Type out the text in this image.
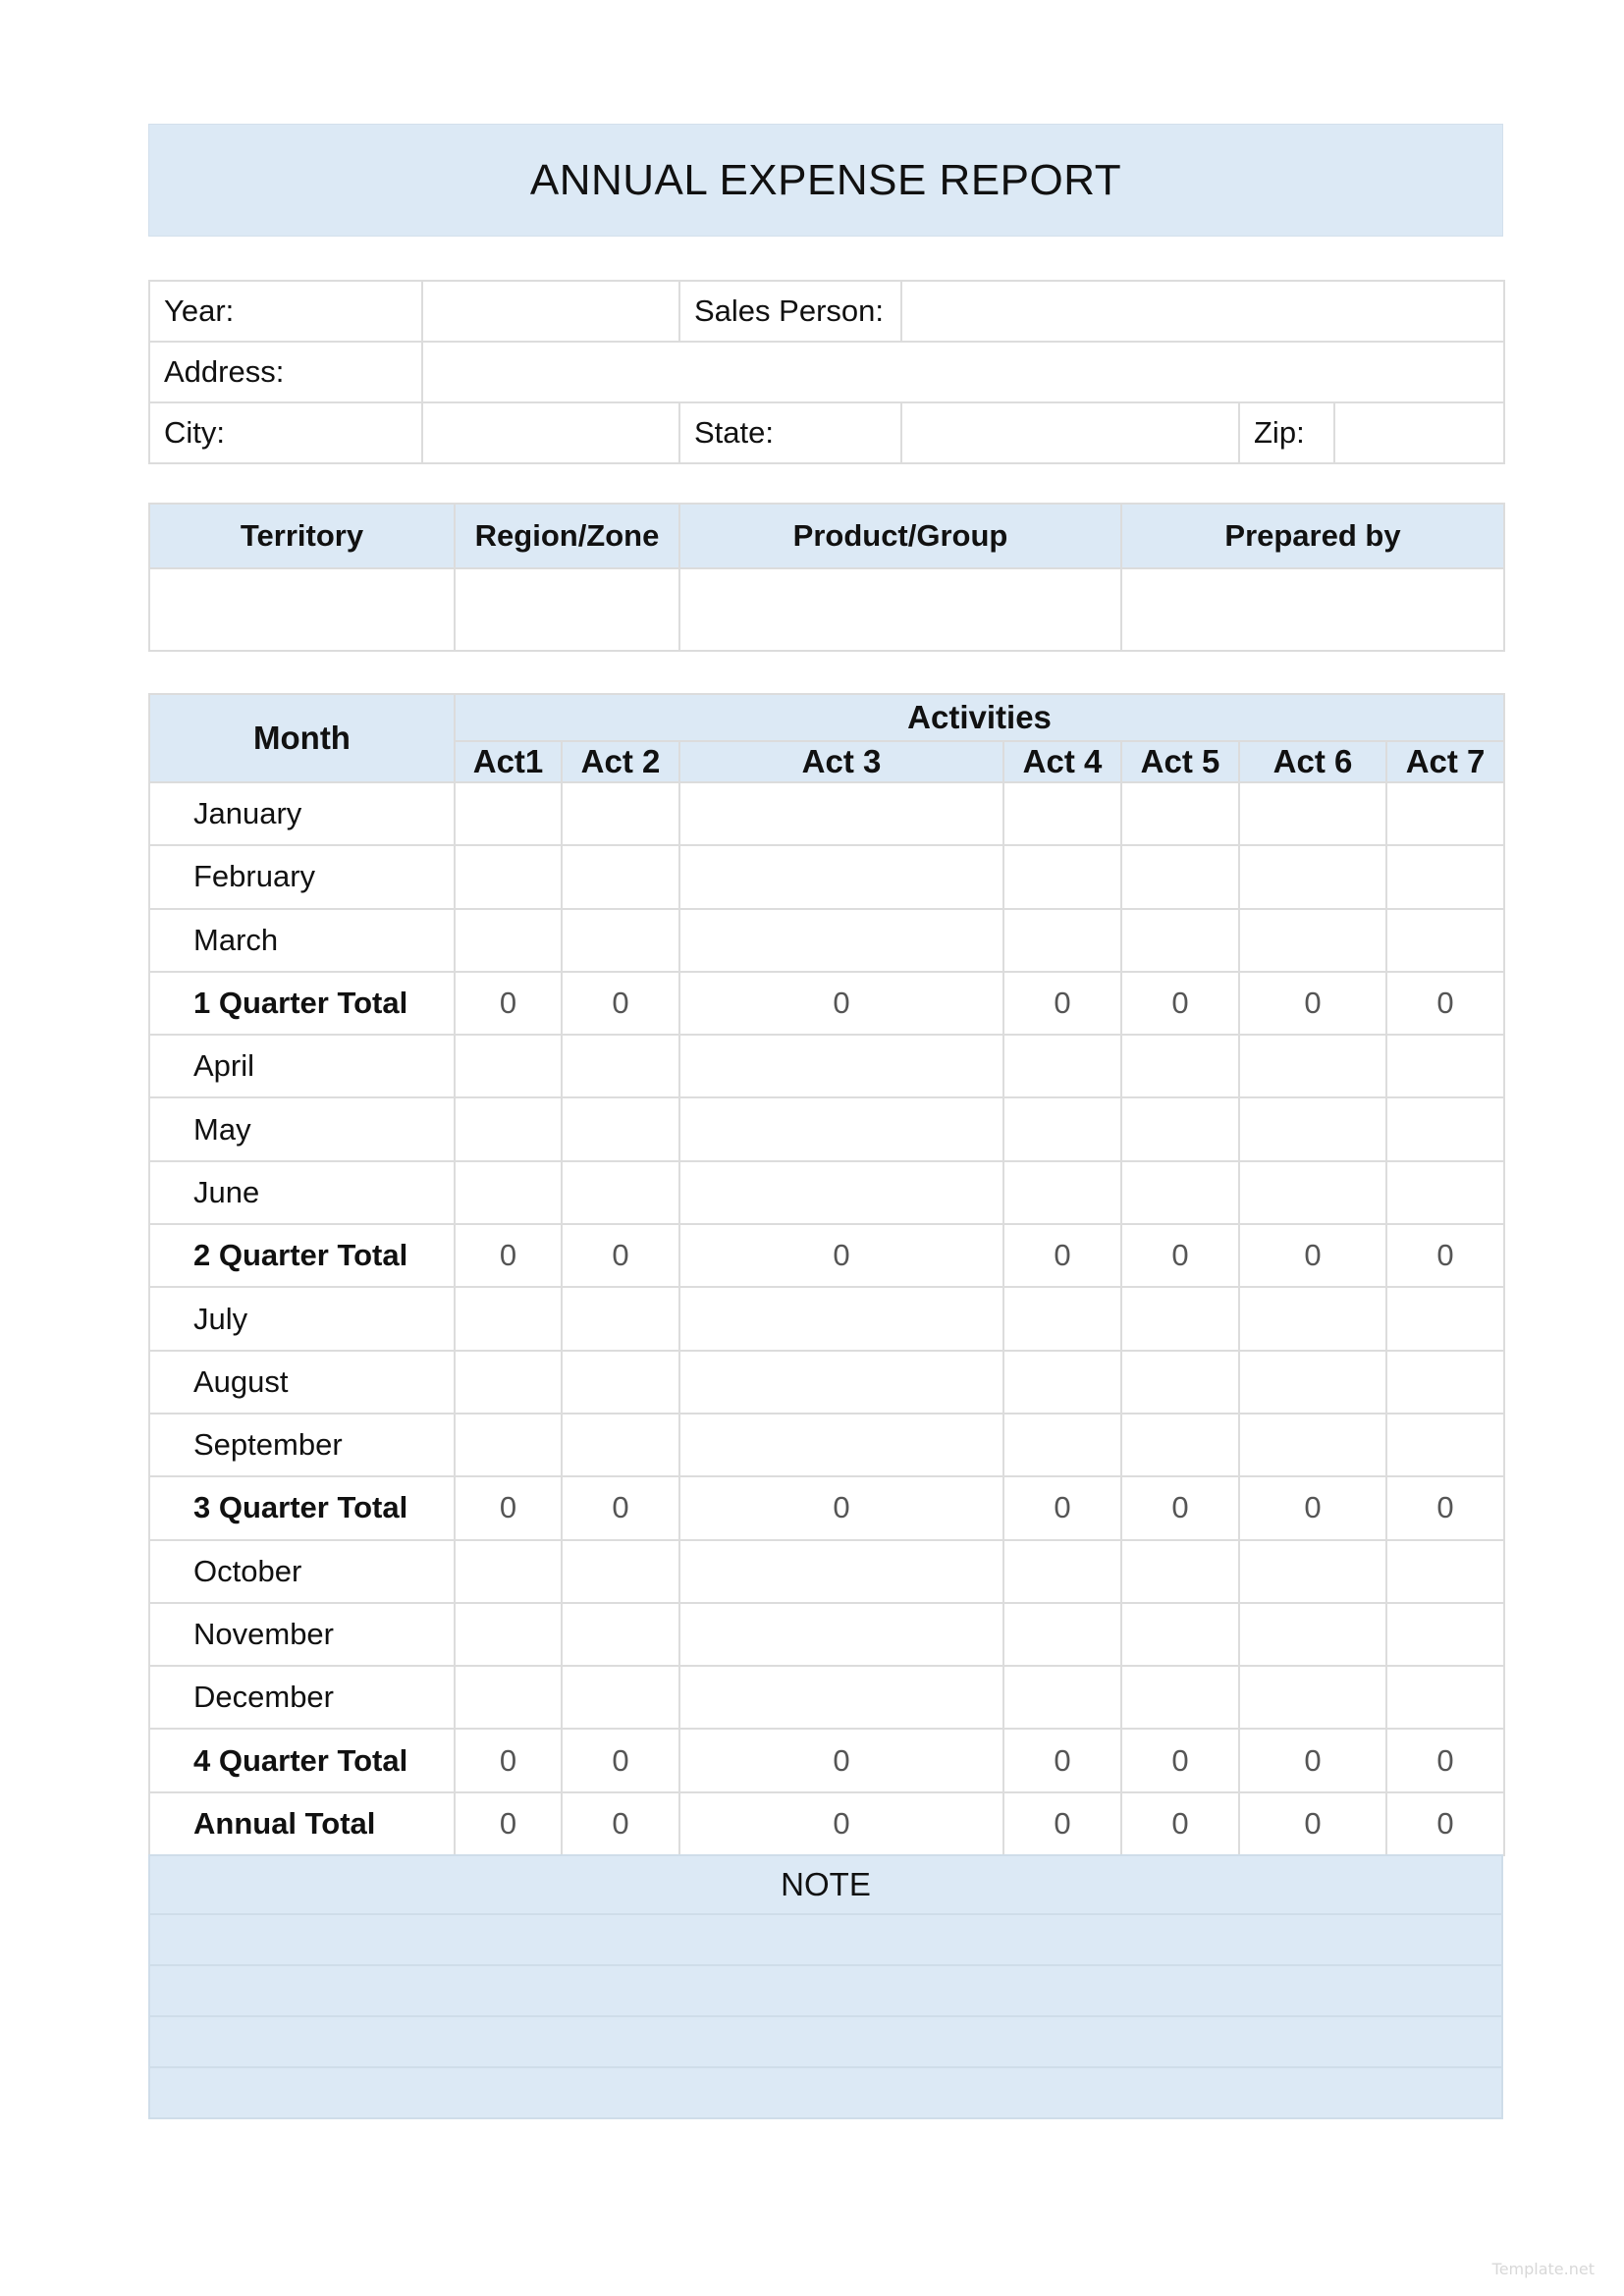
ANNUAL EXPENSE REPORT
Year:		Sales Person:			
Address:					
City:		State:		Zip:	
Territory	Region/Zone	Product/Group	Prepared by

Month	Activities						
	Act1	Act 2	Act 3	Act 4	Act 5	Act 6	Act 7
January							
February							
March							
1 Quarter Total	0	0	0	0	0	0	0
April							
May							
June							
2 Quarter Total	0	0	0	0	0	0	0
July							
August							
September							
3 Quarter Total	0	0	0	0	0	0	0
October							
November							
December							
4 Quarter Total	0	0	0	0	0	0	0
Annual Total	0	0	0	0	0	0	0
NOTE

Template.net
